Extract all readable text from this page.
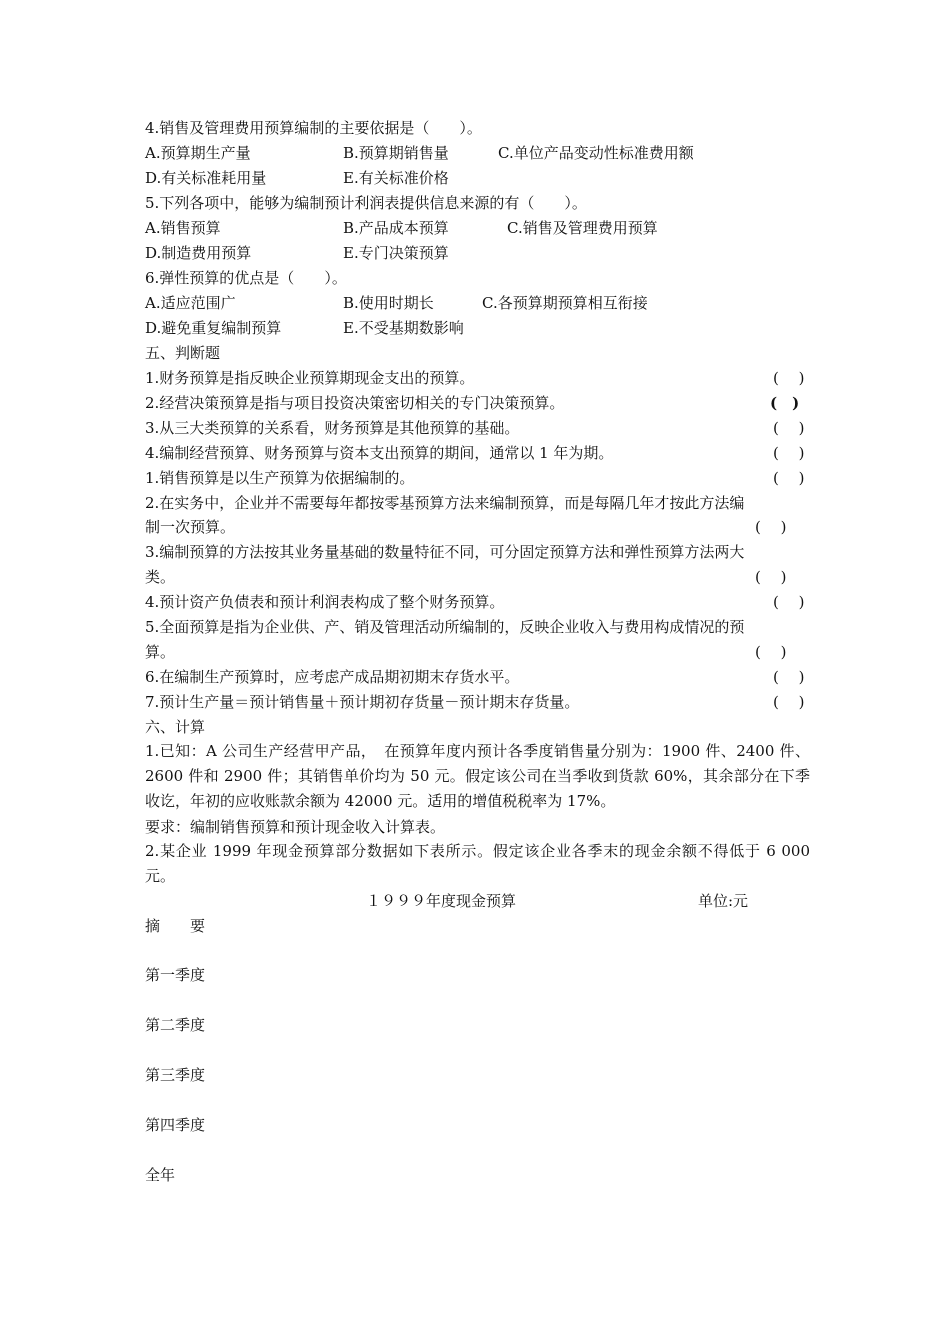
4.销售及管理费用预算编制的主要依据是（　　）。
A.预算期生产量	B.预算期销售量	C.单位产品变动性标准费用额
D.有关标准耗用量	E.有关标准价格
5.下列各项中，能够为编制预计利润表提供信息来源的有（　　）。
A.销售预算	B.产品成本预算	C.销售及管理费用预算
D.制造费用预算	E.专门决策预算
6.弹性预算的优点是（　　）。
A.适应范围广	B.使用时期长	C.各预算期预算相互衔接
D.避免重复编制预算	E.不受基期数影响
五、判断题
1.财务预算是指反映企业预算期现金支出的预算。	(　 )
2.经营决策预算是指与项目投资决策密切相关的专门决策预算。	(　)
3.从三大类预算的关系看，财务预算是其他预算的基础。	(　 )
4.编制经营预算、财务预算与资本支出预算的期间，通常以 1 年为期。	(　 )
1.销售预算是以生产预算为依据编制的。	(　 )
2.在实务中，企业并不需要每年都按零基预算方法来编制预算，而是每隔几年才按此方法编
制一次预算。	(　 )
3.编制预算的方法按其业务量基础的数量特征不同，可分固定预算方法和弹性预算方法两大
类。	(　 )
4.预计资产负债表和预计利润表构成了整个财务预算。	(　 )
5.全面预算是指为企业供、产、销及管理活动所编制的，反映企业收入与费用构成情况的预
算。	(　 )
6.在编制生产预算时，应考虑产成品期初期末存货水平。	(　 )
7.预计生产量＝预计销售量＋预计期初存货量－预计期末存货量。	(　 )
六、计算
1.已知：A 公司生产经营甲产品，　在预算年度内预计各季度销售量分别为：1900 件、2400 件、2600 件和 2900 件；其销售单价均为 50 元。假定该公司在当季收到货款 60%，其余部分在下季收讫，年初的应收账款余额为 42000 元。适用的增值税税率为 17%。
要求：编制销售预算和预计现金收入计算表。
2.某企业 1999 年现金预算部分数据如下表所示。假定该企业各季末的现金余额不得低于 6 000 元。
１９９９年度现金预算	单位:元
摘　　要
第一季度
第二季度
第三季度
第四季度
全年
